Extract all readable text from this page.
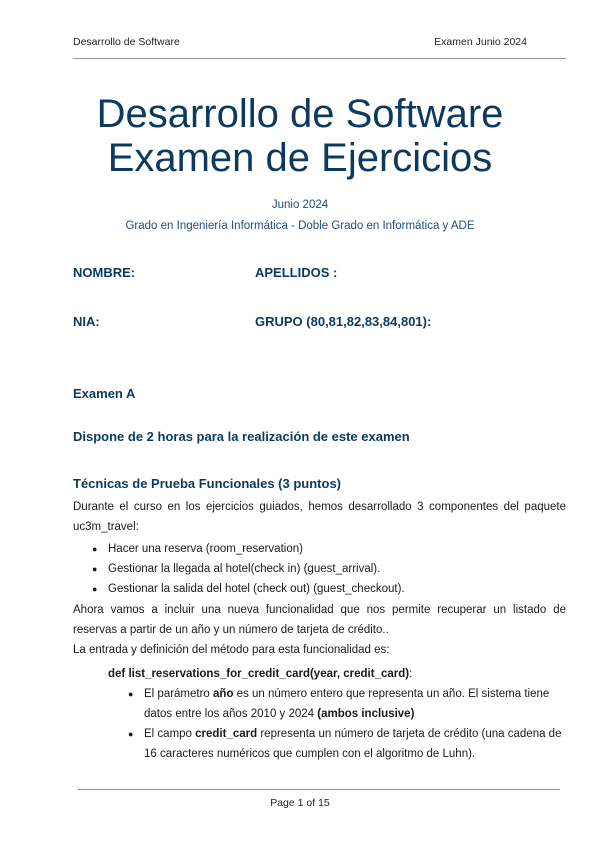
Desarrollo de Software	Examen Junio 2024
Desarrollo de Software
Examen de Ejercicios
Junio 2024
Grado en Ingeniería Informática - Doble Grado en Informática y ADE
NOMBRE:	APELLIDOS :
NIA:	GRUPO (80,81,82,83,84,801):
Examen A
Dispone de 2 horas para la realización de este examen
Técnicas de Prueba Funcionales (3 puntos)
Durante el curso en los ejercicios guiados, hemos desarrollado 3 componentes del paquete
uc3m_travel:
● Hacer una reserva (room_reservation)
● Gestionar la llegada al hotel(check in) (guest_arrival).
● Gestionar la salida del hotel (check out) (guest_checkout).
Ahora vamos a incluir una nueva funcionalidad que nos permite recuperar un listado de
reservas a partir de un año y un número de tarjeta de crédito..
La entrada y definición del método para esta funcionalidad es:
def list_reservations_for_credit_card(year, credit_card):
● El parámetro año es un número entero que representa un año. El sistema tiene datos entre los años 2010 y 2024 (ambos inclusive)
● El campo credit_card representa un número de tarjeta de crédito (una cadena de 16 caracteres numéricos que cumplen con el algoritmo de Luhn).
Page 1 of 15
